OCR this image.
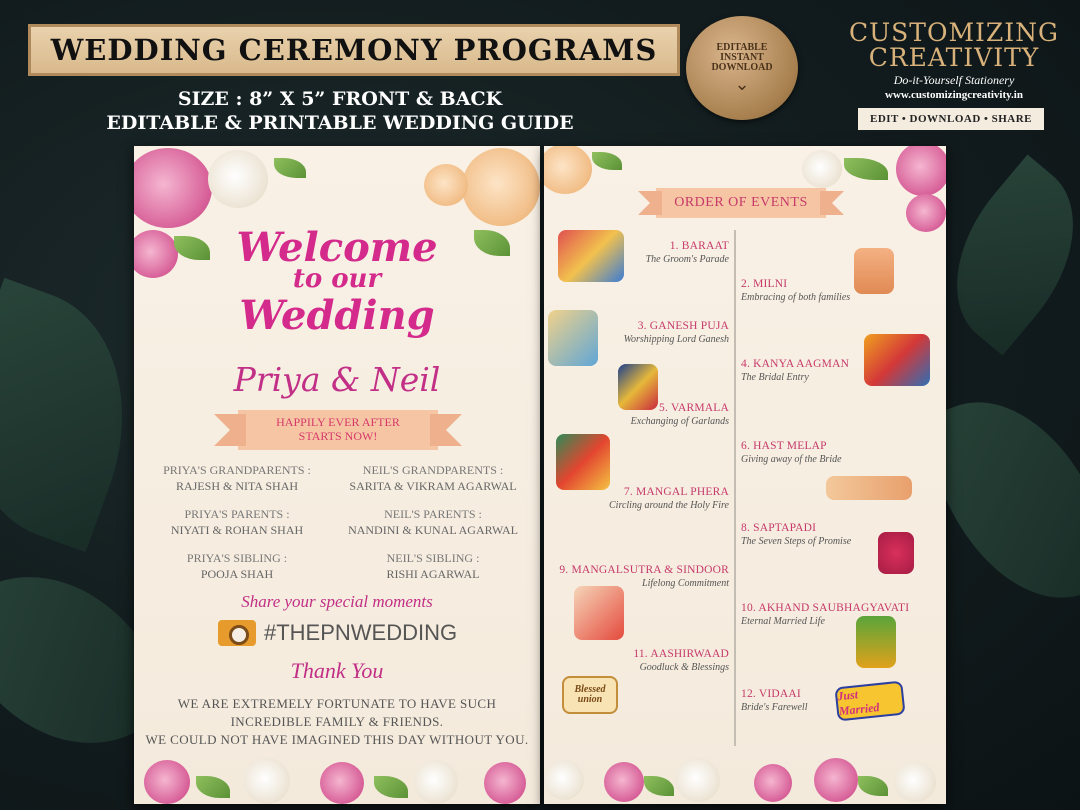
WEDDING CEREMONY PROGRAMS
SIZE : 8” X 5” FRONT & BACK
EDITABLE & PRINTABLE WEDDING GUIDE
EDITABLE INSTANT DOWNLOAD
⌄
CUSTOMIZING
CREATIVITY
Do-it-Yourself Stationery
www.customizingcreativity.in
EDIT • DOWNLOAD • SHARE
Welcome
to our
Wedding
Priya & Neil
HAPPILY EVER AFTER
STARTS NOW!
PRIYA'S GRANDPARENTS :
RAJESH & NITA SHAH
NEIL'S GRANDPARENTS :
SARITA & VIKRAM AGARWAL
PRIYA'S PARENTS :
NIYATI & ROHAN SHAH
NEIL'S PARENTS :
NANDINI & KUNAL AGARWAL
PRIYA'S SIBLING :
POOJA SHAH
NEIL'S SIBLING :
RISHI AGARWAL
Share your special moments
#THEPNWEDDING
Thank You
WE ARE EXTREMELY FORTUNATE TO HAVE SUCH
INCREDIBLE FAMILY & FRIENDS.
WE COULD NOT HAVE IMAGINED THIS DAY WITHOUT YOU.
ORDER OF EVENTS
1. BARAAT
The Groom's Parade
3. GANESH PUJA
Worshipping Lord Ganesh
5. VARMALA
Exchanging of Garlands
7. MANGAL PHERA
Circling around the Holy Fire
9. MANGALSUTRA & SINDOOR
Lifelong Commitment
11. AASHIRWAAD
Goodluck & Blessings
2. MILNI
Embracing of both families
4. KANYA AAGMAN
The Bridal Entry
6. HAST MELAP
Giving away of the Bride
8. SAPTAPADI
The Seven Steps of Promise
10. AKHAND SAUBHAGYAVATI
Eternal Married Life
12. VIDAAI
Bride's Farewell
Blessed union	Just Married
